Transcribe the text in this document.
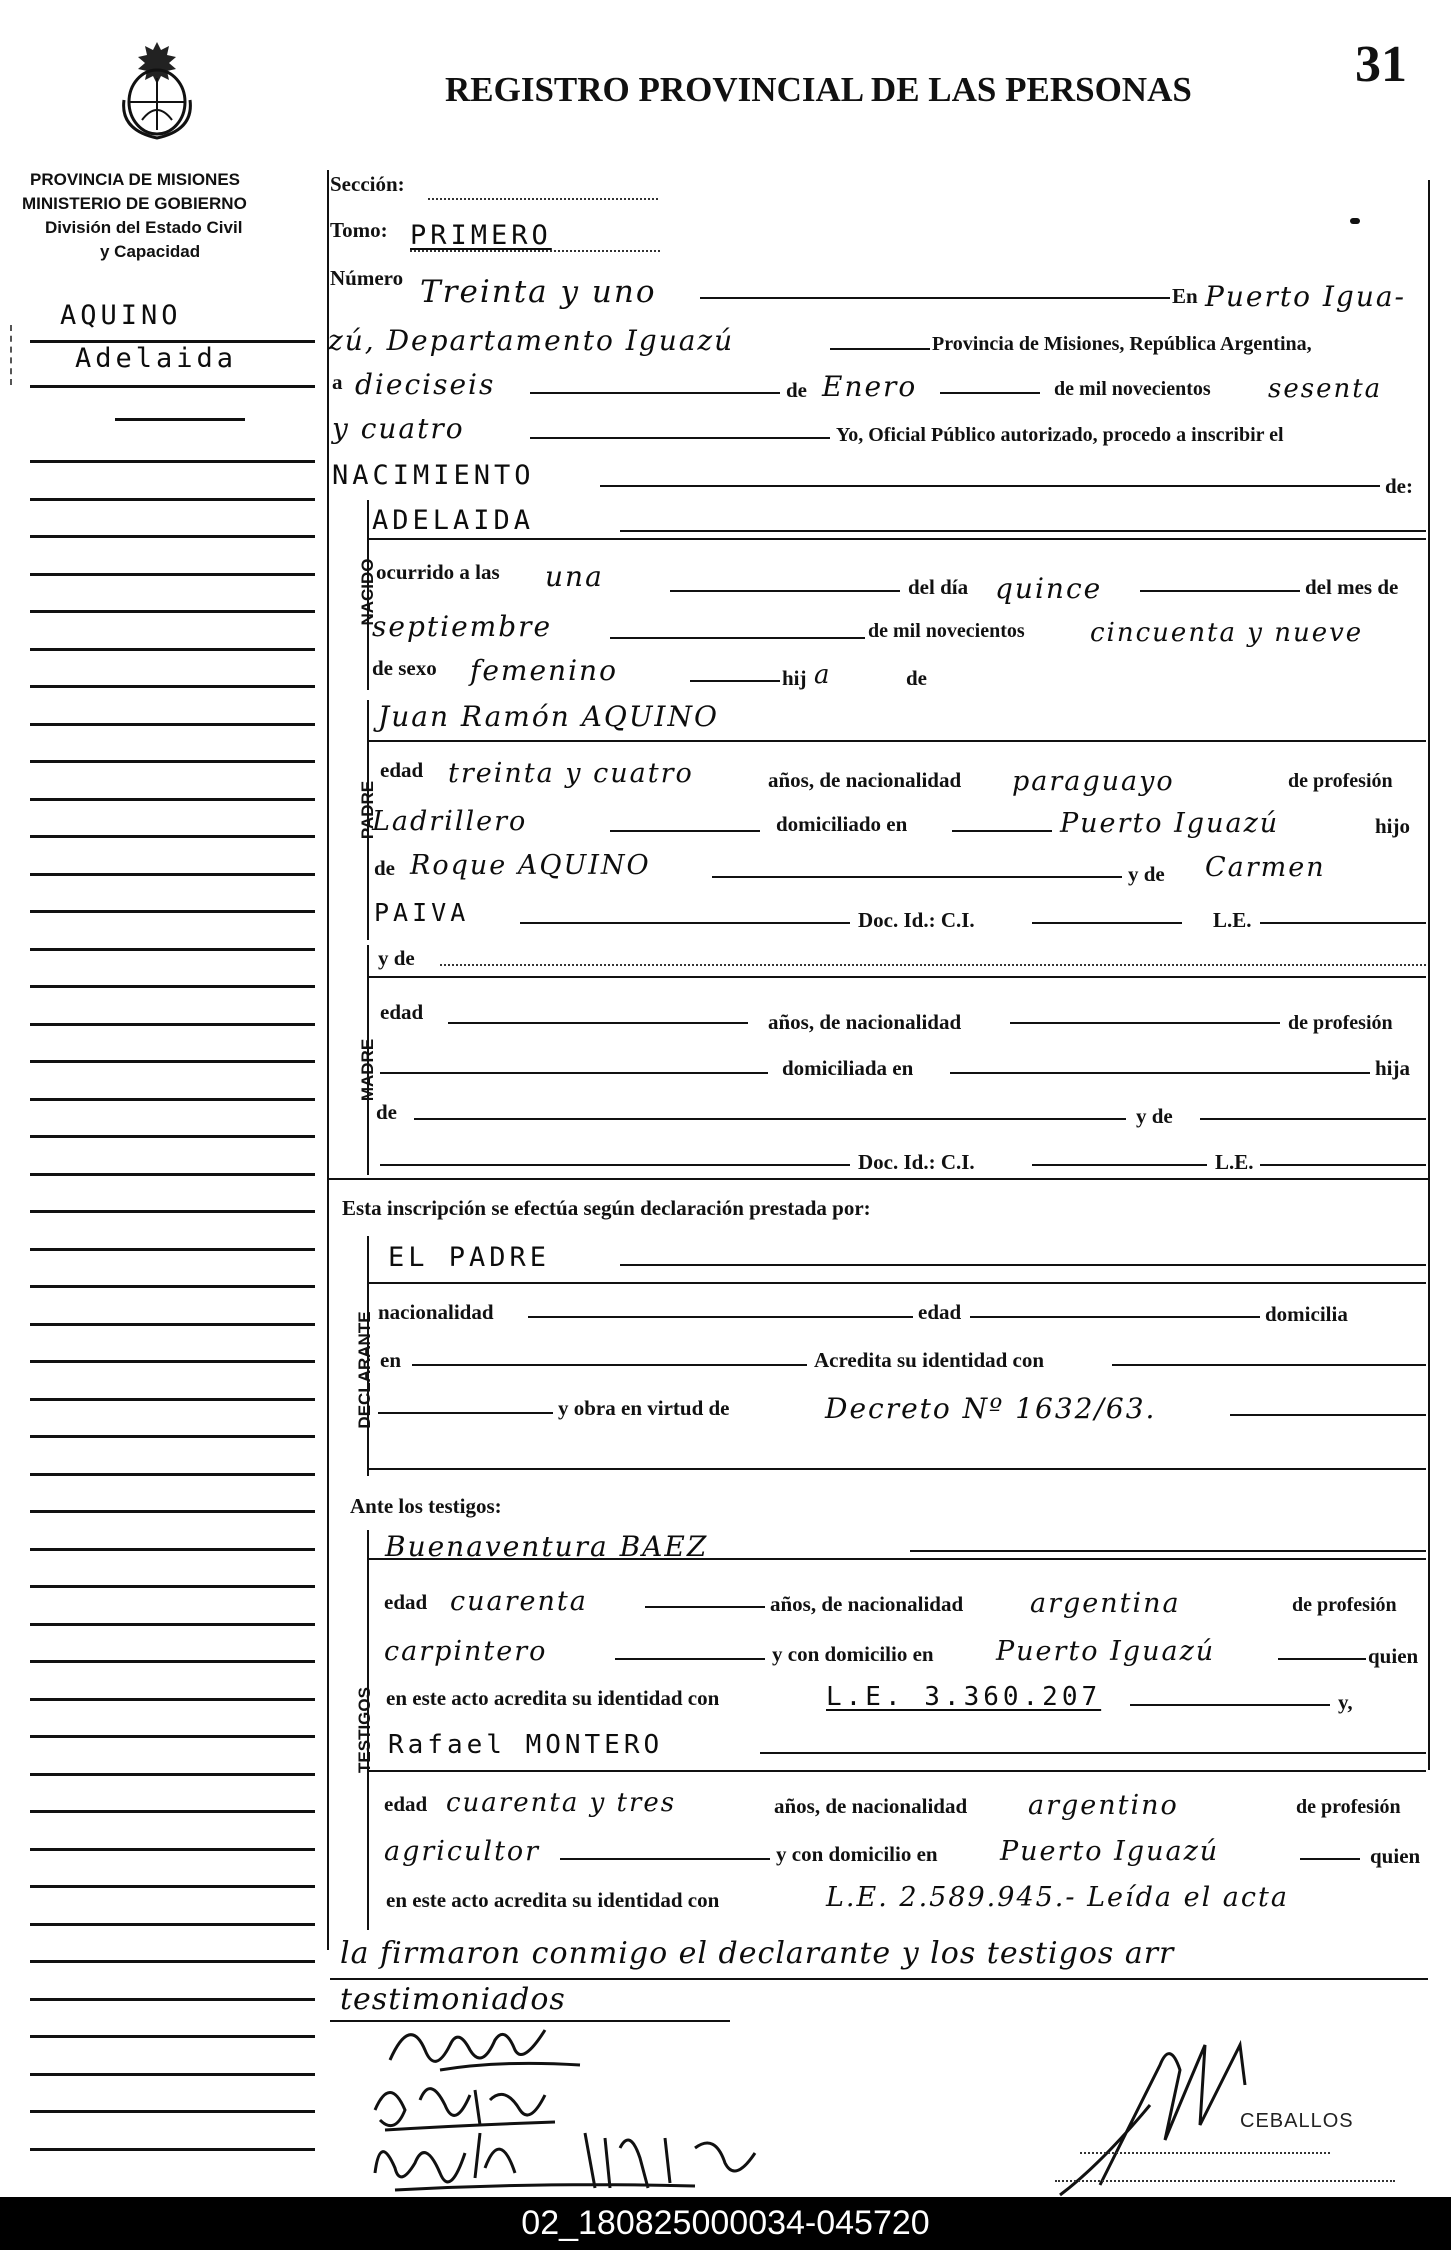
REGISTRO PROVINCIAL DE LAS PERSONAS	31
PROVINCIA DE MISIONES
MINISTERIO DE GOBIERNO
División del Estado Civil
y Capacidad
AQUINO
Adelaida
Sección:
Tomo: PRIMERO
Número Treinta y uno	En Puerto Igua-
zú, Departamento Iguazú	Provincia de Misiones, República Argentina,
a dieciseis	de Enero	de mil novecientos sesenta
y cuatro	Yo, Oficial Público autorizado, procedo a inscribir el
NACIMIENTO	de:
NACIDO
ADELAIDA
ocurrido a las una	del día quince	del mes de
septiembre	de mil novecientos	cincuenta y nueve
de sexo femenino	hij a	de
PADRE
Juan Ramón AQUINO
edad treinta y cuatro	años, de nacionalidad paraguayo	de profesión
Ladrillero	domiciliado en	Puerto Iguazú	hijo
de Roque AQUINO	y de Carmen
PAIVA	Doc. Id.: C.I.	L.E.
y de
MADRE
edad	años, de nacionalidad	de profesión
domiciliada en	hija
de	y de
Doc. Id.: C.I.	L.E.
Esta inscripción se efectúa según declaración prestada por:
DECLARANTE
EL PADRE
nacionalidad	edad	domicilia
en	Acredita su identidad con
y obra en virtud de	Decreto Nº 1632/63.
Ante los testigos:
TESTIGOS
Buenaventura BAEZ
edad cuarenta	años, de nacionalidad argentina	de profesión
carpintero	y con domicilio en Puerto Iguazú	quien
en este acto acredita su identidad con	L.E. 3.360.207	y,
Rafael MONTERO
edad cuarenta y tres	años, de nacionalidad argentino	de profesión
agricultor	y con domicilio en Puerto Iguazú	quien
en este acto acredita su identidad con	L.E. 2.589.945.- Leída el acta
la firmaron conmigo el declarante y los testigos arr
testimoniados
CEBALLOS
02_180825000034-045720
